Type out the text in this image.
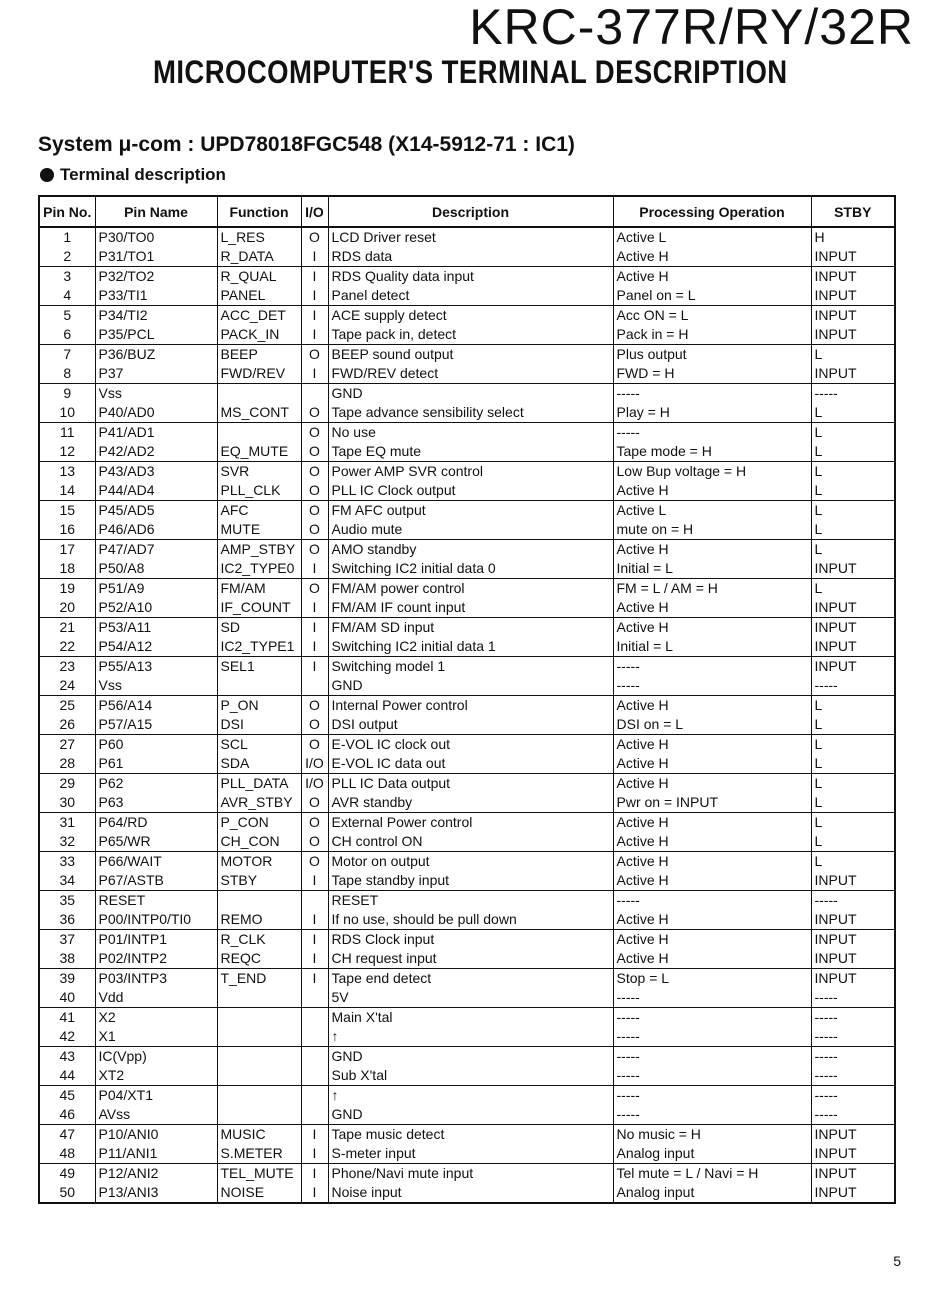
KRC-377R/RY/32R
MICROCOMPUTER'S TERMINAL DESCRIPTION
System μ-com : UPD78018FGC548 (X14-5912-71 : IC1)
Terminal description
Pin No.	Pin Name	Function	I/O	Description	Processing Operation	STBY
1	P30/TO0	L_RES	O	LCD Driver reset	Active L	H
2	P31/TO1	R_DATA	I	RDS data	Active H	INPUT
3	P32/TO2	R_QUAL	I	RDS Quality data input	Active H	INPUT
4	P33/TI1	PANEL	I	Panel detect	Panel on = L	INPUT
5	P34/TI2	ACC_DET	I	ACE supply detect	Acc ON = L	INPUT
6	P35/PCL	PACK_IN	I	Tape pack in, detect	Pack in = H	INPUT
7	P36/BUZ	BEEP	O	BEEP sound output	Plus output	L
8	P37	FWD/REV	I	FWD/REV detect	FWD = H	INPUT
9	Vss			GND	-----	-----
10	P40/AD0	MS_CONT	O	Tape advance sensibility select	Play = H	L
11	P41/AD1		O	No use	-----	L
12	P42/AD2	EQ_MUTE	O	Tape EQ mute	Tape mode = H	L
13	P43/AD3	SVR	O	Power AMP SVR control	Low Bup voltage = H	L
14	P44/AD4	PLL_CLK	O	PLL IC Clock output	Active H	L
15	P45/AD5	AFC	O	FM AFC output	Active L	L
16	P46/AD6	MUTE	O	Audio mute	mute on = H	L
17	P47/AD7	AMP_STBY	O	AMO standby	Active H	L
18	P50/A8	IC2_TYPE0	I	Switching IC2 initial data 0	Initial = L	INPUT
19	P51/A9	FM/AM	O	FM/AM power control	FM = L / AM = H	L
20	P52/A10	IF_COUNT	I	FM/AM IF count input	Active H	INPUT
21	P53/A11	SD	I	FM/AM SD input	Active H	INPUT
22	P54/A12	IC2_TYPE1	I	Switching IC2 initial data 1	Initial = L	INPUT
23	P55/A13	SEL1	I	Switching model 1	-----	INPUT
24	Vss			GND	-----	-----
25	P56/A14	P_ON	O	Internal Power control	Active H	L
26	P57/A15	DSI	O	DSI output	DSI on = L	L
27	P60	SCL	O	E-VOL IC clock out	Active H	L
28	P61	SDA	I/O	E-VOL IC data out	Active H	L
29	P62	PLL_DATA	I/O	PLL IC Data output	Active H	L
30	P63	AVR_STBY	O	AVR standby	Pwr on = INPUT	L
31	P64/RD	P_CON	O	External Power control	Active H	L
32	P65/WR	CH_CON	O	CH control ON	Active H	L
33	P66/WAIT	MOTOR	O	Motor on output	Active H	L
34	P67/ASTB	STBY	I	Tape standby input	Active H	INPUT
35	RESET			RESET	-----	-----
36	P00/INTP0/TI0	REMO	I	If no use, should be pull down	Active H	INPUT
37	P01/INTP1	R_CLK	I	RDS Clock input	Active H	INPUT
38	P02/INTP2	REQC	I	CH request input	Active H	INPUT
39	P03/INTP3	T_END	I	Tape end detect	Stop = L	INPUT
40	Vdd			5V	-----	-----
41	X2			Main X'tal	-----	-----
42	X1			↑	-----	-----
43	IC(Vpp)			GND	-----	-----
44	XT2			Sub X'tal	-----	-----
45	P04/XT1			↑	-----	-----
46	AVss			GND	-----	-----
47	P10/ANI0	MUSIC	I	Tape music detect	No music = H	INPUT
48	P11/ANI1	S.METER	I	S-meter input	Analog input	INPUT
49	P12/ANI2	TEL_MUTE	I	Phone/Navi mute input	Tel mute = L / Navi = H	INPUT
50	P13/ANI3	NOISE	I	Noise input	Analog input	INPUT
5
